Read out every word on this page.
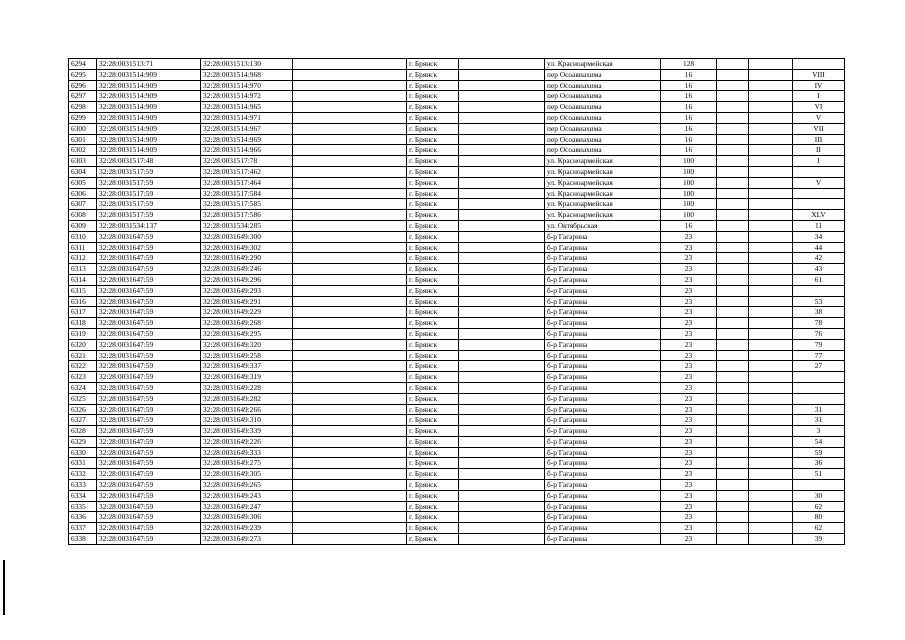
6294	32:28:0031513:71	32:28:0031513:130		г. Брянск		ул. Красноармейская	128			
6295	32:28:0031514:909	32:28:0031514:968		г. Брянск		пер Осоавиахима	16			VIII
6296	32:28:0031514:909	32:28:0031514:970		г. Брянск		пер Осоавиахима	16			IV
6297	32:28:0031514:909	32:28:0031514:972		г. Брянск		пер Осоавиахима	16			I
6298	32:28:0031514:909	32:28:0031514:965		г. Брянск		пер Осоавиахима	16			VI
6299	32:28:0031514:909	32:28:0031514:971		г. Брянск		пер Осоавиахима	16			V
6300	32:28:0031514:909	32:28:0031514:967		г. Брянск		пер Осоавиахима	16			VII
6301	32:28:0031514:909	32:28:0031514:969		г. Брянск		пер Осоавиахима	16			III
6302	32:28:0031514:909	32:28:0031514:966		г. Брянск		пер Осоавиахима	16			II
6303	32:28:0031517:48	32:28:0031517:78		г. Брянск		ул. Красноармейская	100			I
6304	32:28:0031517:59	32:28:0031517:462		г. Брянск		ул. Красноармейская	100			
6305	32:28:0031517:59	32:28:0031517:464		г. Брянск		ул. Красноармейская	100			V
6306	32:28:0031517:59	32:28:0031517:584		г. Брянск		ул. Красноармейская	100			
6307	32:28:0031517:59	32:28:0031517:585		г. Брянск		ул. Красноармейская	100			
6308	32:28:0031517:59	32:28:0031517:586		г. Брянск		ул. Красноармейская	100			XLV
6309	32:28:0031534:137	32:28:0031534:285		г. Брянск		ул. Октябрьская	16			11
6310	32:28:0031647:59	32:28:0031649:300		г. Брянск		б-р Гагарина	23			34
6311	32:28:0031647:59	32:28:0031649:302		г. Брянск		б-р Гагарина	23			44
6312	32:28:0031647:59	32:28:0031649:290		г. Брянск		б-р Гагарина	23			42
6313	32:28:0031647:59	32:28:0031649:246		г. Брянск		б-р Гагарина	23			43
6314	32:28:0031647:59	32:28:0031649:296		г. Брянск		б-р Гагарина	23			61
6315	32:28:0031647:59	32:28:0031649:293		г. Брянск		б-р Гагарина	23			
6316	32:28:0031647:59	32:28:0031649:291		г. Брянск		б-р Гагарина	23			53
6317	32:28:0031647:59	32:28:0031649:229		г. Брянск		б-р Гагарина	23			38
6318	32:28:0031647:59	32:28:0031649:268		г. Брянск		б-р Гагарина	23			78
6319	32:28:0031647:59	32:28:0031649:295		г. Брянск		б-р Гагарина	23			76
6320	32:28:0031647:59	32:28:0031649:320		г. Брянск		б-р Гагарина	23			79
6321	32:28:0031647:59	32:28:0031649:258		г. Брянск		б-р Гагарина	23			77
6322	32:28:0031647:59	32:28:0031649:337		г. Брянск		б-р Гагарина	23			27
6323	32:28:0031647:59	32:28:0031649:319		г. Брянск		б-р Гагарина	23			
6324	32:28:0031647:59	32:28:0031649:228		г. Брянск		б-р Гагарина	23			
6325	32:28:0031647:59	32:28:0031649:282		г. Брянск		б-р Гагарина	23			
6326	32:28:0031647:59	32:28:0031649:266		г. Брянск		б-р Гагарина	23			31
6327	32:28:0031647:59	32:28:0031649:310		г. Брянск		б-р Гагарина	23			31
6328	32:28:0031647:59	32:28:0031649:339		г. Брянск		б-р Гагарина	23			3
6329	32:28:0031647:59	32:28:0031649:226		г. Брянск		б-р Гагарина	23			54
6330	32:28:0031647:59	32:28:0031649:333		г. Брянск		б-р Гагарина	23			59
6331	32:28:0031647:59	32:28:0031649:275		г. Брянск		б-р Гагарина	23			36
6332	32:28:0031647:59	32:28:0031649:305		г. Брянск		б-р Гагарина	23			51
6333	32:28:0031647:59	32:28:0031649:265		г. Брянск		б-р Гагарина	23			
6334	32:28:0031647:59	32:28:0031649:243		г. Брянск		б-р Гагарина	23			30
6335	32:28:0031647:59	32:28:0031649:247		г. Брянск		б-р Гагарина	23			62
6336	32:28:0031647:59	32:28:0031649:306		г. Брянск		б-р Гагарина	23			80
6337	32:28:0031647:59	32:28:0031649:239		г. Брянск		б-р Гагарина	23			62
6338	32:28:0031647:59	32:28:0031649:273		г. Брянск		б-р Гагарина	23			39
